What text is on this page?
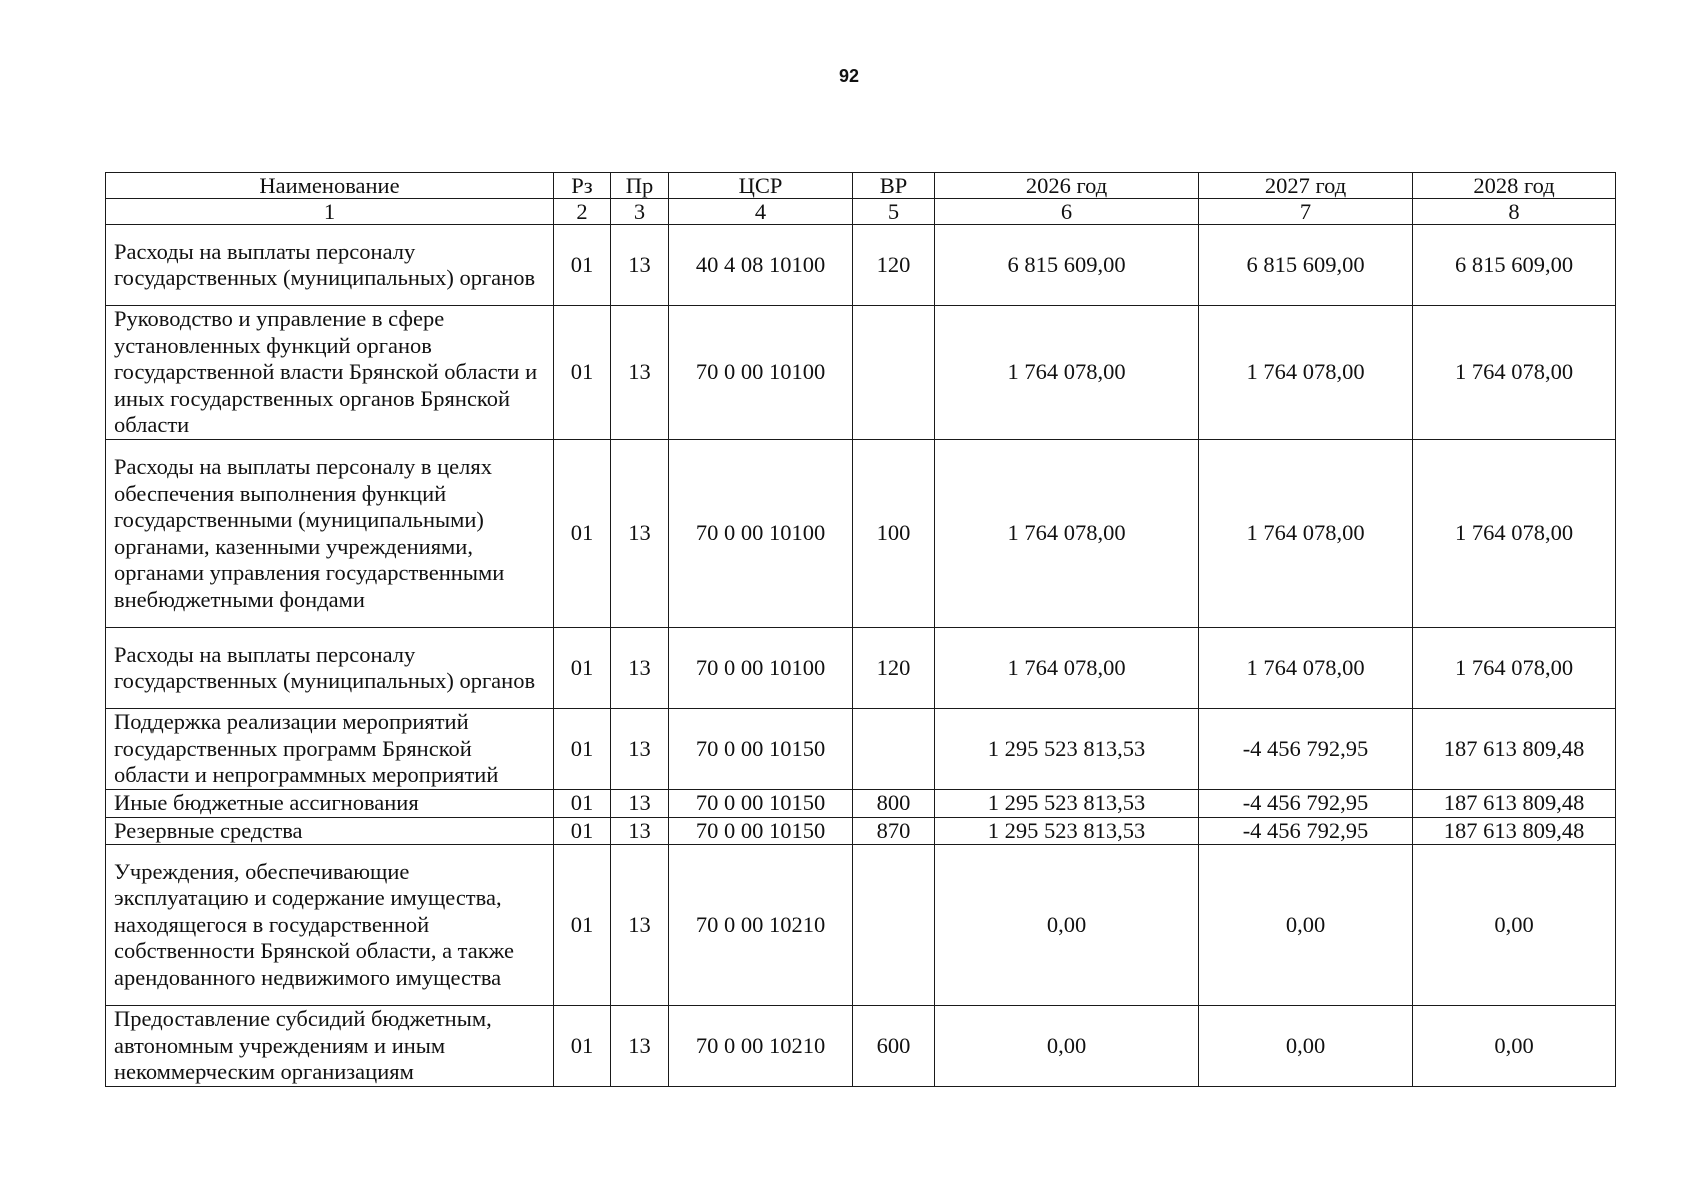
92
Наименование	Рз	Пр	ЦСР	ВР	2026 год	2027 год	2028 год
1	2	3	4	5	6	7	8
Расходы на выплаты персоналу государственных (муниципальных) органов	01	13	40 4 08 10100	120	6 815 609,00	6 815 609,00	6 815 609,00
Руководство и управление в сфере установленных функций органов государственной власти Брянской области и иных государственных органов Брянской области	01	13	70 0 00 10100		1 764 078,00	1 764 078,00	1 764 078,00
Расходы на выплаты персоналу в целях обеспечения выполнения функций государственными (муниципальными) органами, казенными учреждениями, органами управления государственными внебюджетными фондами	01	13	70 0 00 10100	100	1 764 078,00	1 764 078,00	1 764 078,00
Расходы на выплаты персоналу государственных (муниципальных) органов	01	13	70 0 00 10100	120	1 764 078,00	1 764 078,00	1 764 078,00
Поддержка реализации мероприятий государственных программ Брянской области и непрограммных мероприятий	01	13	70 0 00 10150		1 295 523 813,53	-4 456 792,95	187 613 809,48
Иные бюджетные ассигнования	01	13	70 0 00 10150	800	1 295 523 813,53	-4 456 792,95	187 613 809,48
Резервные средства	01	13	70 0 00 10150	870	1 295 523 813,53	-4 456 792,95	187 613 809,48
Учреждения, обеспечивающие эксплуатацию и содержание имущества, находящегося в государственной собственности Брянской области, а также арендованного недвижимого имущества	01	13	70 0 00 10210		0,00	0,00	0,00
Предоставление субсидий бюджетным, автономным учреждениям и иным некоммерческим организациям	01	13	70 0 00 10210	600	0,00	0,00	0,00
